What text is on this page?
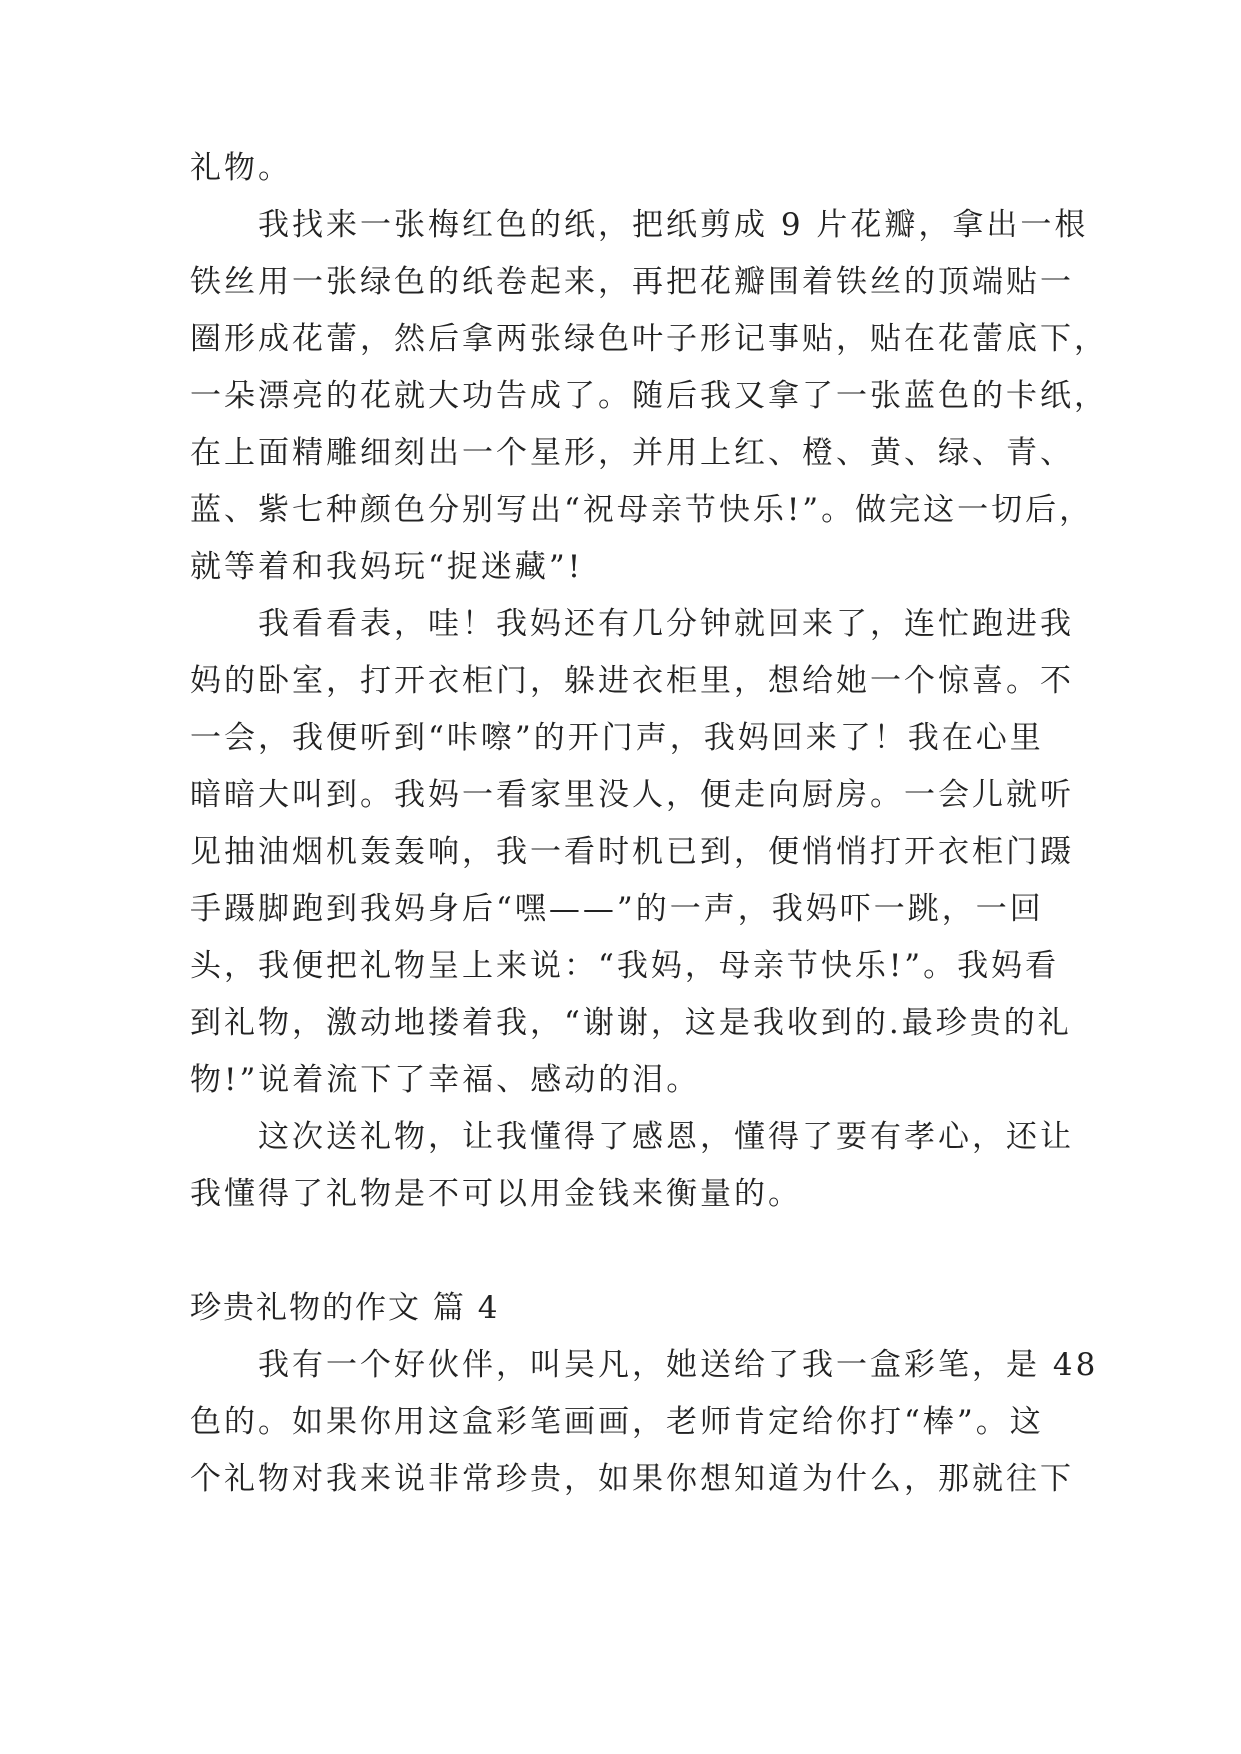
礼物。
我找来一张梅红色的纸，把纸剪成 9 片花瓣，拿出一根
铁丝用一张绿色的纸卷起来，再把花瓣围着铁丝的顶端贴一
圈形成花蕾，然后拿两张绿色叶子形记事贴，贴在花蕾底下，
一朵漂亮的花就大功告成了。随后我又拿了一张蓝色的卡纸，
在上面精雕细刻出一个星形，并用上红、橙、黄、绿、青、
蓝、紫七种颜色分别写出“祝母亲节快乐!”。做完这一切后，
就等着和我妈玩“捉迷藏”!
我看看表，哇！我妈还有几分钟就回来了，连忙跑进我
妈的卧室，打开衣柜门，躲进衣柜里，想给她一个惊喜。不
一会，我便听到“咔嚓”的开门声，我妈回来了！我在心里
暗暗大叫到。我妈一看家里没人，便走向厨房。一会儿就听
见抽油烟机轰轰响，我一看时机已到，便悄悄打开衣柜门蹑
手蹑脚跑到我妈身后“嘿——”的一声，我妈吓一跳，一回
头，我便把礼物呈上来说：“我妈，母亲节快乐!”。我妈看
到礼物，激动地搂着我，“谢谢，这是我收到的.最珍贵的礼
物!”说着流下了幸福、感动的泪。
这次送礼物，让我懂得了感恩，懂得了要有孝心，还让
我懂得了礼物是不可以用金钱来衡量的。
珍贵礼物的作文 篇 4
我有一个好伙伴，叫吴凡，她送给了我一盒彩笔，是 48
色的。如果你用这盒彩笔画画，老师肯定给你打“棒”。这
个礼物对我来说非常珍贵，如果你想知道为什么，那就往下
